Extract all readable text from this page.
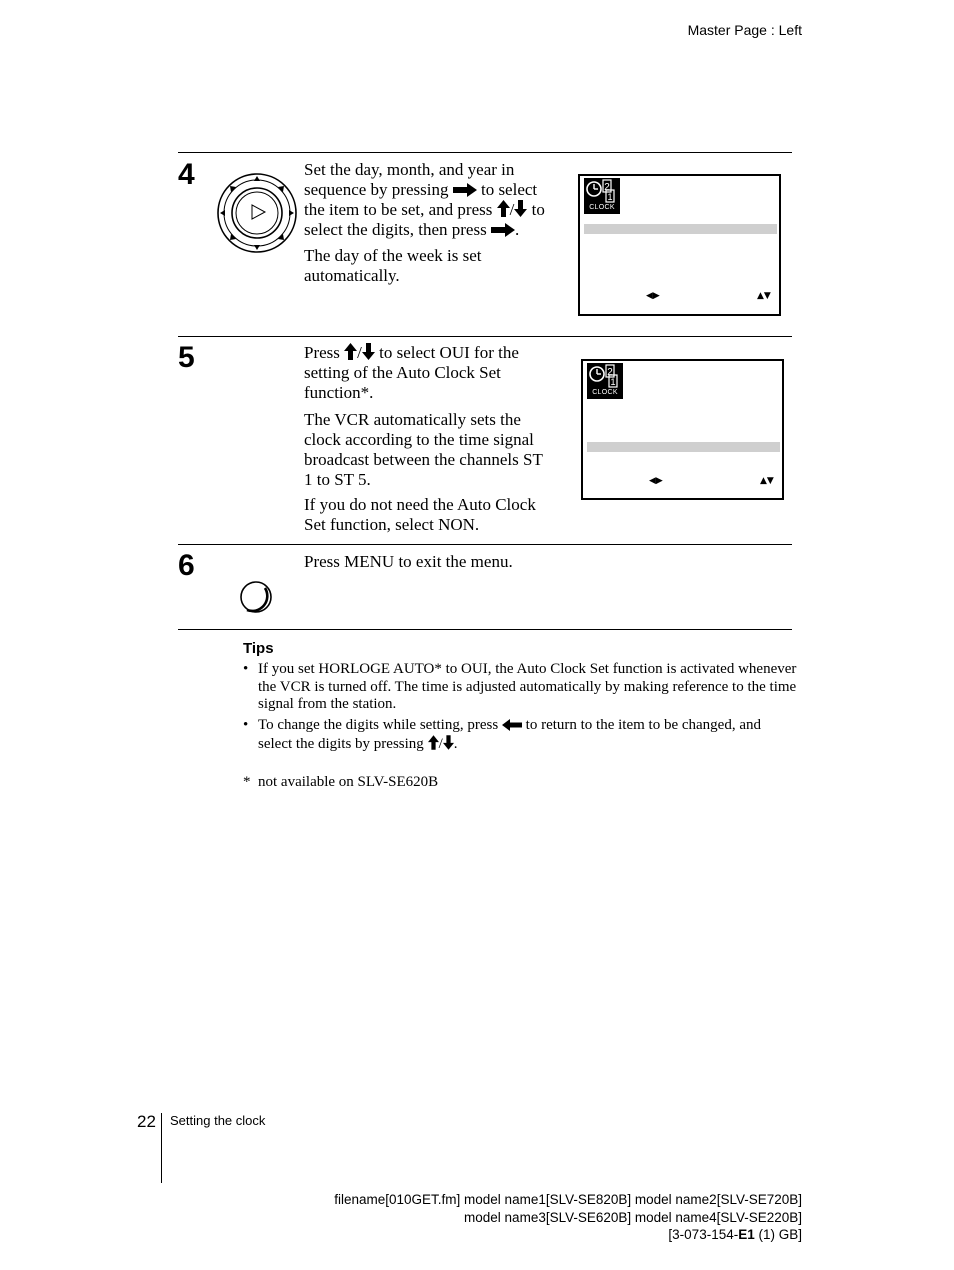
Master Page : Left
4	Set the day, month, and year in sequence by pressing to select the item to be set, and press / to select the digits, then press .

The day of the week is set automatically.

2
1
CLOCK
◀▶	▲▼
5	Press / to select OUI for the setting of the Auto Clock Set function*.

The VCR automatically sets the clock according to the time signal broadcast between the channels ST 1 to ST 5.

If you do not need the Auto Clock Set function, select NON.

2
1
CLOCK
◀▶	▲▼
6	Press MENU to exit the menu.

Tips
• If you set HORLOGE AUTO* to OUI, the Auto Clock Set function is activated whenever the VCR is turned off. The time is adjusted automatically by making reference to the time signal from the station.
• To change the digits while setting, press to return to the item to be changed, and select the digits by pressing / .
*  not available on SLV-SE620B
22 Setting the clock
filename[010GET.fm] model name1[SLV-SE820B] model name2[SLV-SE720B]
model name3[SLV-SE620B] model name4[SLV-SE220B]
[3-073-154-E1 (1) GB]
